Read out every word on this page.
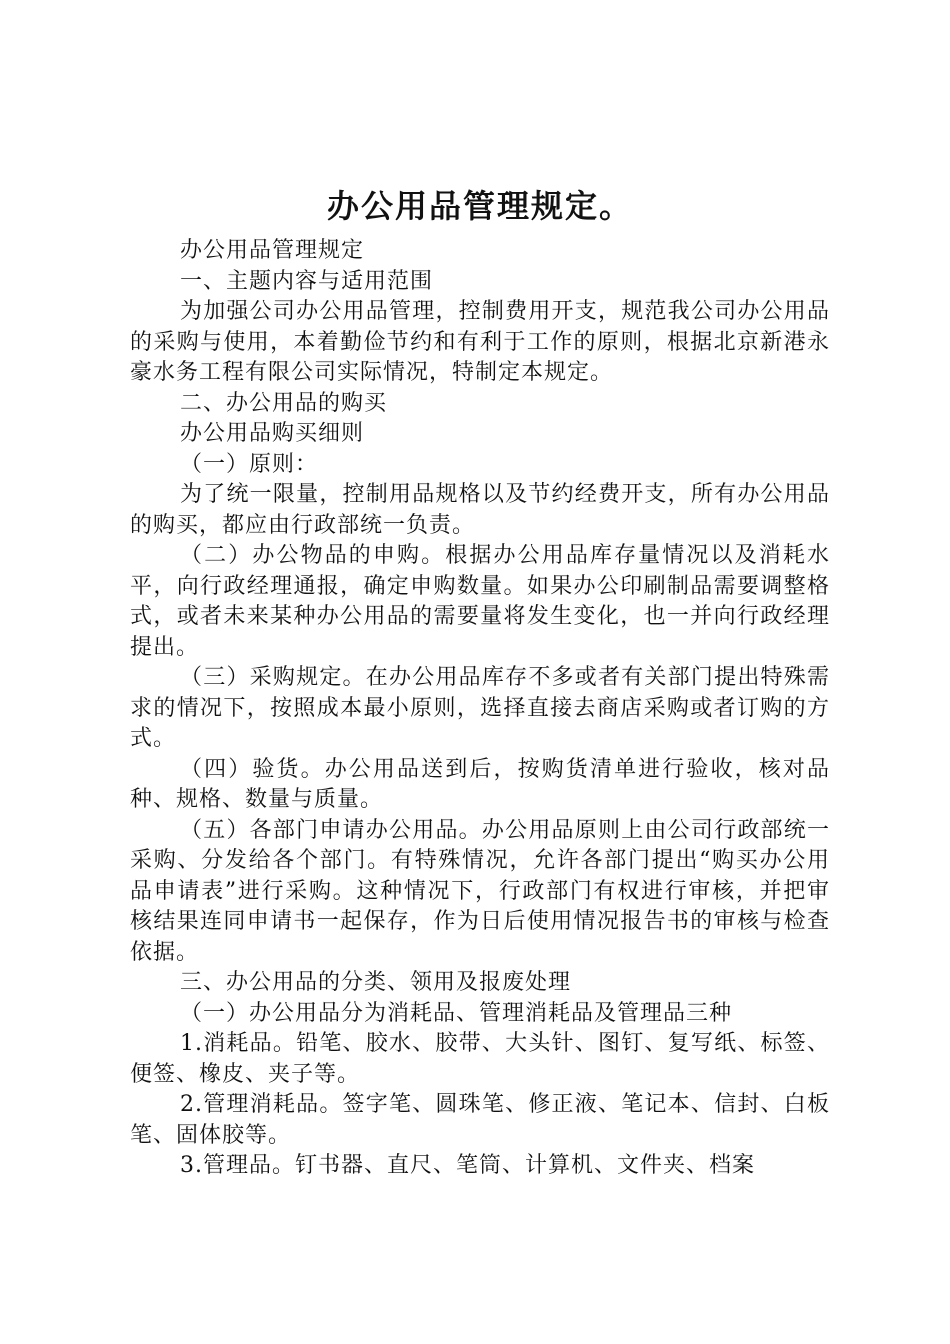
办公用品管理规定。

办公用品管理规定

一、主题内容与适用范围

为加强公司办公用品管理，控制费用开支，规范我公司办公用品的采购与使用，本着勤俭节约和有利于工作的原则，根据北京新港永豪水务工程有限公司实际情况，特制定本规定。

二、办公用品的购买

办公用品购买细则

（一）原则：

为了统一限量，控制用品规格以及节约经费开支，所有办公用品的购买，都应由行政部统一负责。

（二）办公物品的申购。根据办公用品库存量情况以及消耗水平，向行政经理通报，确定申购数量。如果办公印刷制品需要调整格式，或者未来某种办公用品的需要量将发生变化，也一并向行政经理提出。

（三）采购规定。在办公用品库存不多或者有关部门提出特殊需求的情况下，按照成本最小原则，选择直接去商店采购或者订购的方式。

（四）验货。办公用品送到后，按购货清单进行验收，核对品种、规格、数量与质量。

（五）各部门申请办公用品。办公用品原则上由公司行政部统一采购、分发给各个部门。有特殊情况，允许各部门提出“购买办公用品申请表”进行采购。这种情况下，行政部门有权进行审核，并把审核结果连同申请书一起保存，作为日后使用情况报告书的审核与检查依据。

三、办公用品的分类、领用及报废处理

（一）办公用品分为消耗品、管理消耗品及管理品三种

1.消耗品。铅笔、胶水、胶带、大头针、图钉、复写纸、标签、便签、橡皮、夹子等。

2.管理消耗品。签字笔、圆珠笔、修正液、笔记本、信封、白板笔、固体胶等。

3.管理品。钉书器、直尺、笔筒、计算机、文件夹、档案
